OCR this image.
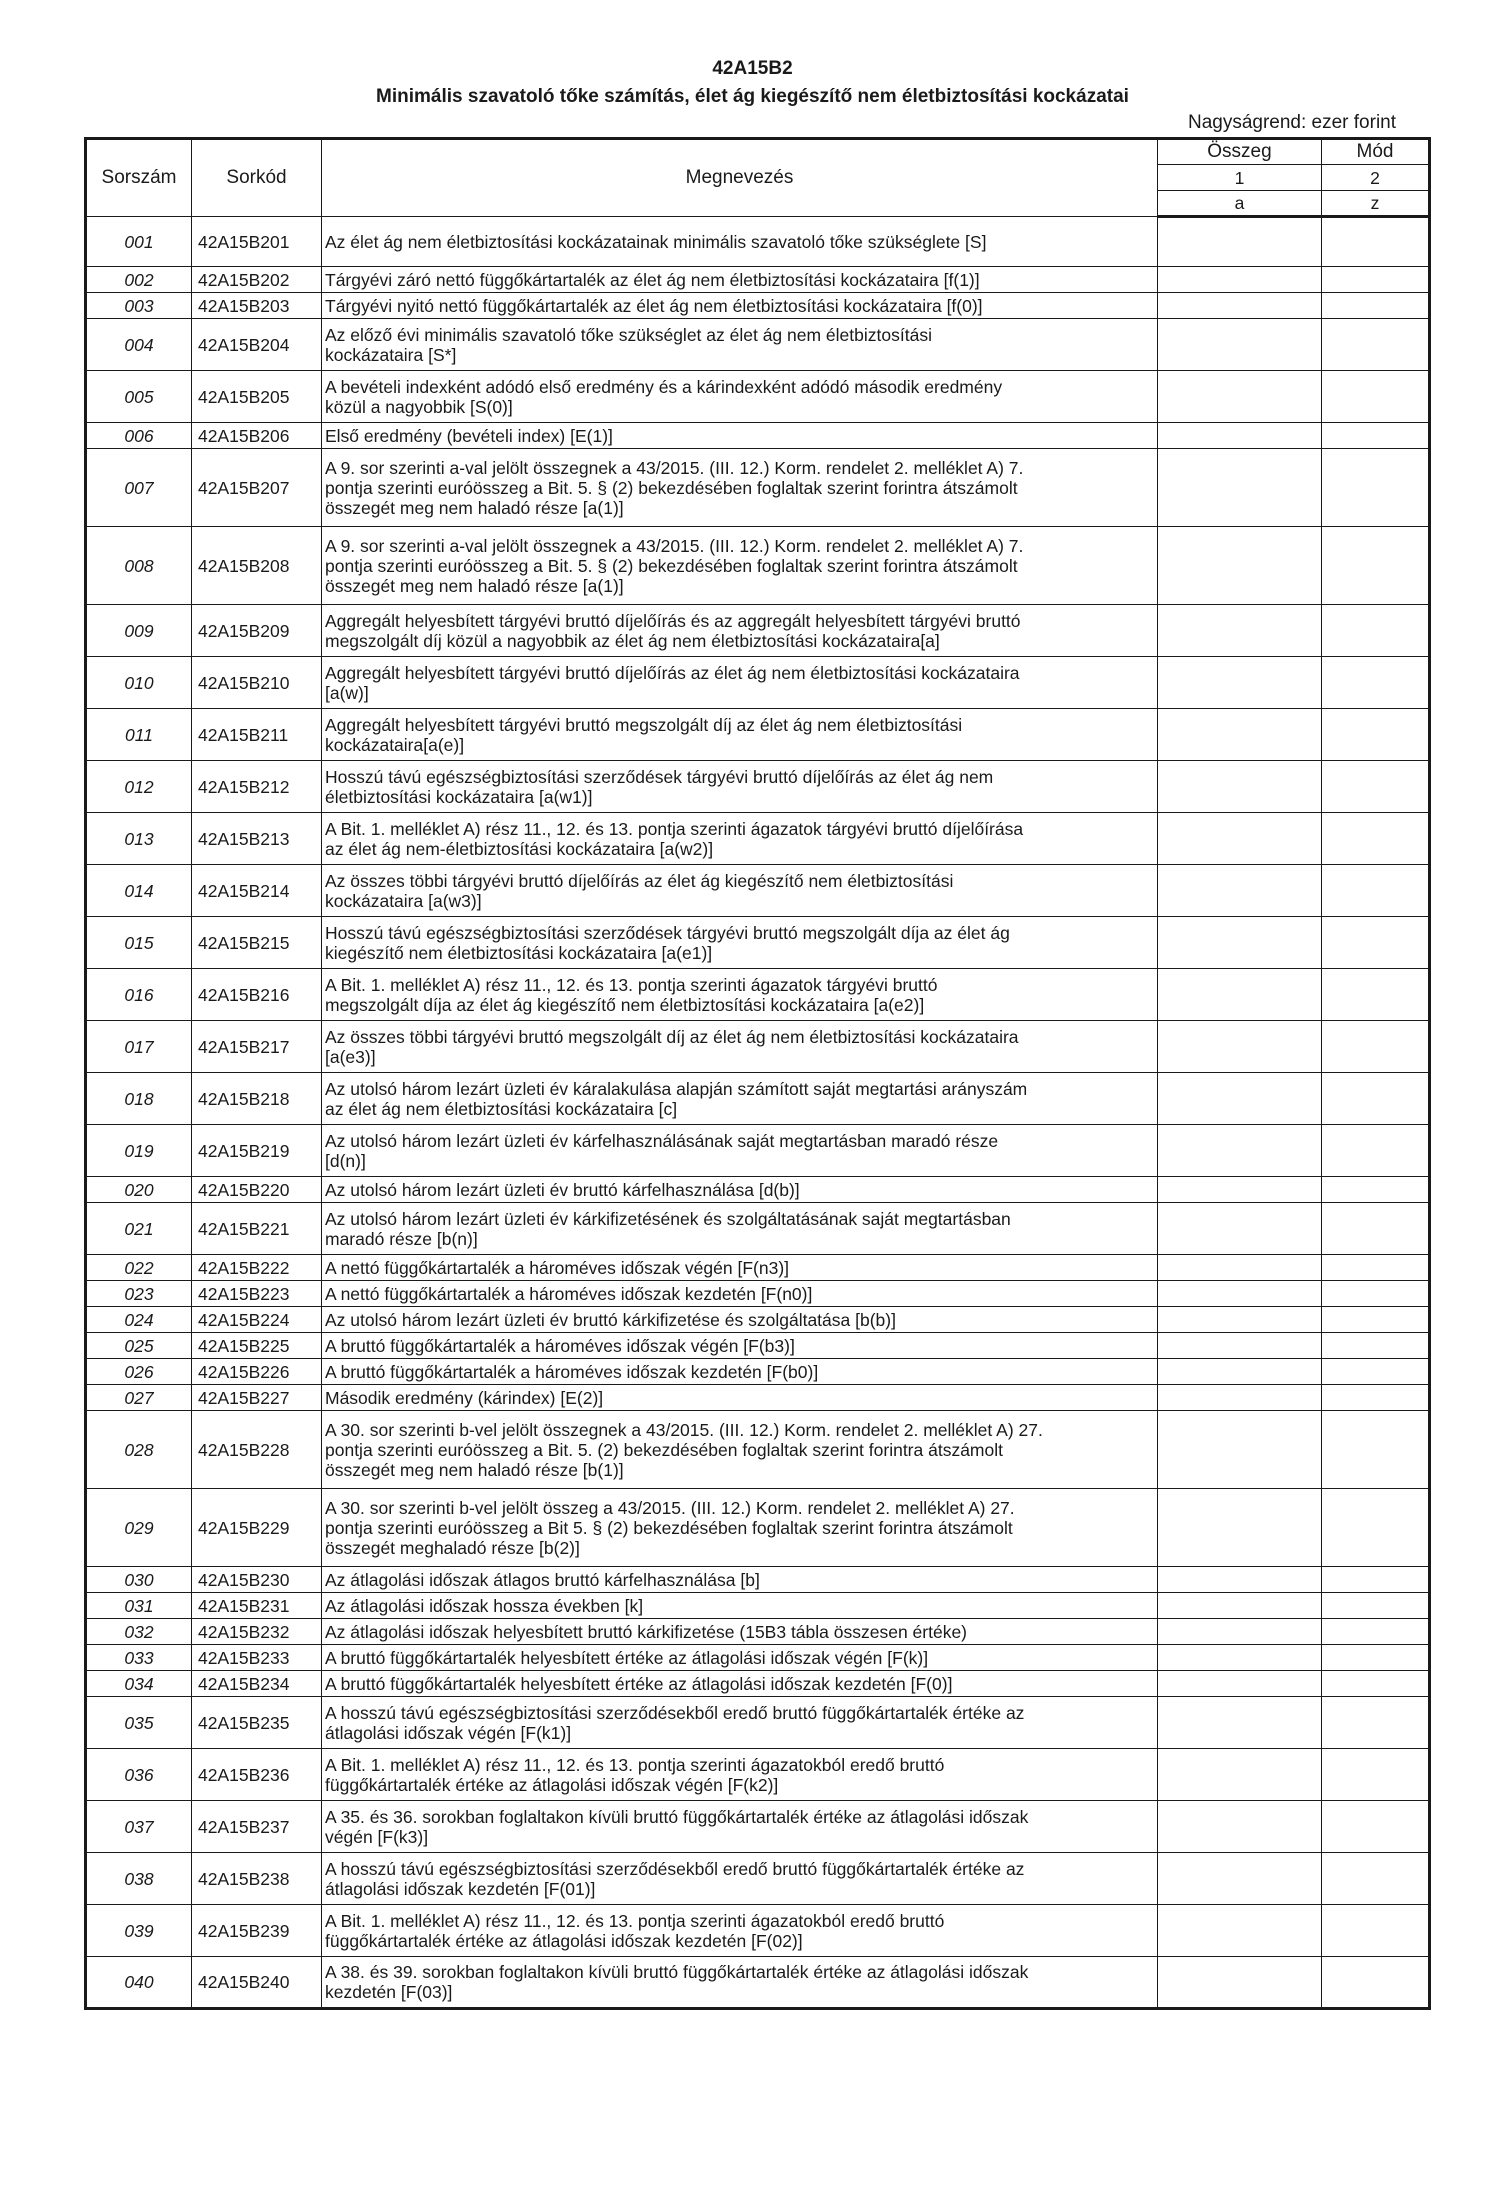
42A15B2
Minimális szavatoló tőke számítás, élet ág kiegészítő nem életbiztosítási kockázatai
Nagyságrend: ezer forint
Sorszám	Sorkód	Megnevezés	Összeg	Mód
			1	2
			a	z
001	42A15B201	Az élet ág nem életbiztosítási kockázatainak minimális szavatoló tőke szükséglete [S]		

002	42A15B202	Tárgyévi záró nettó függőkártartalék az élet ág nem életbiztosítási kockázataira [f(1)]		

003	42A15B203	Tárgyévi nyitó nettó függőkártartalék az élet ág nem életbiztosítási kockázataira [f(0)]		

004	42A15B204	Az előző évi minimális szavatoló tőke szükséglet az élet ág nem életbiztosítási
kockázataira [S*]		

005	42A15B205	A bevételi indexként adódó első eredmény és a kárindexként adódó második eredmény
közül a nagyobbik [S(0)]		

006	42A15B206	Első eredmény (bevételi index) [E(1)]		

007	42A15B207	A 9. sor szerinti a-val jelölt összegnek a 43/2015. (III. 12.) Korm. rendelet 2. melléklet A) 7.
pontja szerinti euróösszeg a Bit. 5. § (2) bekezdésében foglaltak szerint forintra átszámolt
összegét meg nem haladó része [a(1)]		

008	42A15B208	A 9. sor szerinti a-val jelölt összegnek a 43/2015. (III. 12.) Korm. rendelet 2. melléklet A) 7.
pontja szerinti euróösszeg a Bit. 5. § (2) bekezdésében foglaltak szerint forintra átszámolt
összegét meg nem haladó része [a(1)]		

009	42A15B209	Aggregált helyesbített tárgyévi bruttó díjelőírás és az aggregált helyesbített tárgyévi bruttó
megszolgált díj közül a nagyobbik az élet ág nem életbiztosítási kockázataira[a]		

010	42A15B210	Aggregált helyesbített tárgyévi bruttó díjelőírás az élet ág nem életbiztosítási kockázataira
[a(w)]		

011	42A15B211	Aggregált helyesbített tárgyévi bruttó megszolgált díj az élet ág nem életbiztosítási
kockázataira[a(e)]		

012	42A15B212	Hosszú távú egészségbiztosítási szerződések tárgyévi bruttó díjelőírás az élet ág nem
életbiztosítási kockázataira [a(w1)]		

013	42A15B213	A Bit. 1. melléklet A) rész 11., 12. és 13. pontja szerinti ágazatok tárgyévi bruttó díjelőírása
az élet ág nem-életbiztosítási kockázataira [a(w2)]		

014	42A15B214	Az összes többi tárgyévi bruttó díjelőírás az élet ág kiegészítő nem életbiztosítási
kockázataira [a(w3)]		

015	42A15B215	Hosszú távú egészségbiztosítási szerződések tárgyévi bruttó megszolgált díja az élet ág
kiegészítő nem életbiztosítási kockázataira [a(e1)]		

016	42A15B216	A Bit. 1. melléklet A) rész 11., 12. és 13. pontja szerinti ágazatok tárgyévi bruttó
megszolgált díja az élet ág kiegészítő nem életbiztosítási kockázataira [a(e2)]		

017	42A15B217	Az összes többi tárgyévi bruttó megszolgált díj az élet ág nem életbiztosítási kockázataira
[a(e3)]		

018	42A15B218	Az utolsó három lezárt üzleti év káralakulása alapján számított saját megtartási arányszám
az élet ág nem életbiztosítási kockázataira [c]		

019	42A15B219	Az utolsó három lezárt üzleti év kárfelhasználásának saját megtartásban maradó része
[d(n)]		

020	42A15B220	Az utolsó három lezárt üzleti év bruttó kárfelhasználása [d(b)]		

021	42A15B221	Az utolsó három lezárt üzleti év kárkifizetésének és szolgáltatásának saját megtartásban
maradó része [b(n)]		

022	42A15B222	A nettó függőkártartalék a hároméves időszak végén [F(n3)]		

023	42A15B223	A nettó függőkártartalék a hároméves időszak kezdetén [F(n0)]		

024	42A15B224	Az utolsó három lezárt üzleti év bruttó kárkifizetése és szolgáltatása [b(b)]		

025	42A15B225	A bruttó függőkártartalék a hároméves időszak végén [F(b3)]		

026	42A15B226	A bruttó függőkártartalék a hároméves időszak kezdetén [F(b0)]		

027	42A15B227	Második eredmény (kárindex) [E(2)]		

028	42A15B228	A 30. sor szerinti b-vel jelölt összegnek a 43/2015. (III. 12.) Korm. rendelet 2. melléklet A) 27.
pontja szerinti euróösszeg a Bit. 5. (2) bekezdésében foglaltak szerint forintra átszámolt
összegét meg nem haladó része [b(1)]		

029	42A15B229	A 30. sor szerinti b-vel jelölt összeg a 43/2015. (III. 12.) Korm. rendelet 2. melléklet A) 27.
pontja szerinti euróösszeg a Bit 5. § (2) bekezdésében foglaltak szerint forintra átszámolt
összegét meghaladó része [b(2)]		

030	42A15B230	Az átlagolási időszak átlagos bruttó kárfelhasználása [b]		

031	42A15B231	Az átlagolási időszak hossza években [k]		

032	42A15B232	Az átlagolási időszak helyesbített bruttó kárkifizetése (15B3 tábla összesen értéke)		

033	42A15B233	A bruttó függőkártartalék helyesbített értéke az átlagolási időszak végén [F(k)]		

034	42A15B234	A bruttó függőkártartalék helyesbített értéke az átlagolási időszak kezdetén [F(0)]		

035	42A15B235	A hosszú távú egészségbiztosítási szerződésekből eredő bruttó függőkártartalék értéke az
átlagolási időszak végén [F(k1)]		

036	42A15B236	A Bit. 1. melléklet A) rész 11., 12. és 13. pontja szerinti ágazatokból eredő bruttó
függőkártartalék értéke az átlagolási időszak végén [F(k2)]		

037	42A15B237	A 35. és 36. sorokban foglaltakon kívüli bruttó függőkártartalék értéke az átlagolási időszak
végén [F(k3)]		

038	42A15B238	A hosszú távú egészségbiztosítási szerződésekből eredő bruttó függőkártartalék értéke az
átlagolási időszak kezdetén [F(01)]		

039	42A15B239	A Bit. 1. melléklet A) rész 11., 12. és 13. pontja szerinti ágazatokból eredő bruttó
függőkártartalék értéke az átlagolási időszak kezdetén [F(02)]		

040	42A15B240	A 38. és 39. sorokban foglaltakon kívüli bruttó függőkártartalék értéke az átlagolási időszak
kezdetén [F(03)]		
